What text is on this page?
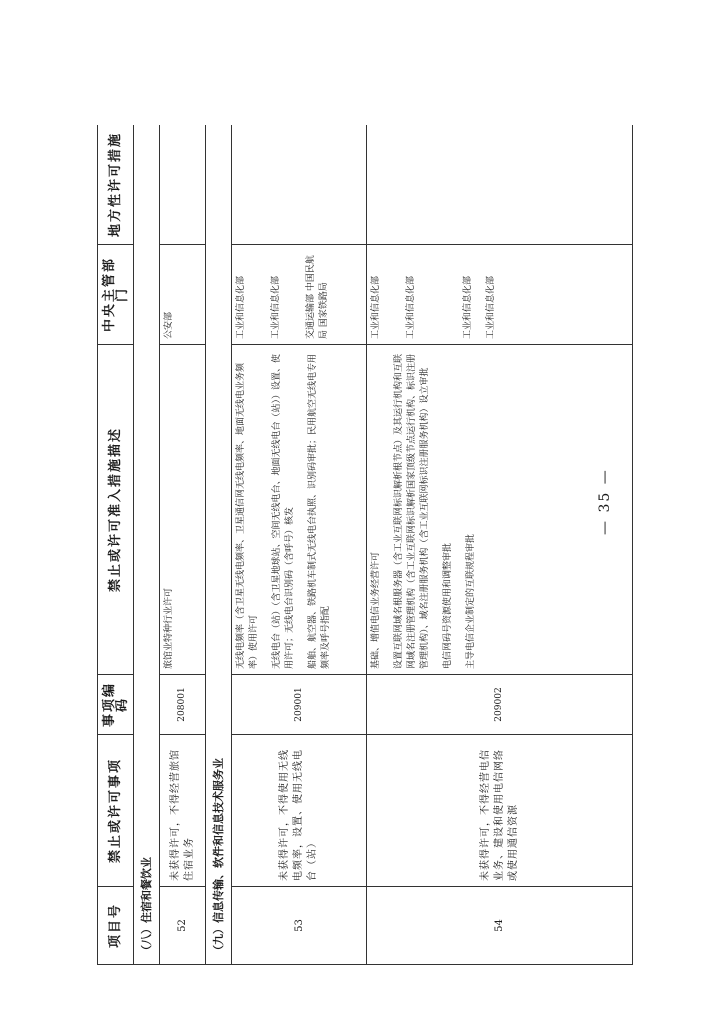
项目号	禁止或许可事项	事项编码	禁止或许可准入措施描述	中央主管部门	地方性许可措施
（八）住宿和餐饮业					
52	未获得许可，不得经营旅馆住宿业务	208001	旅馆业特种行业许可	公安部	

（九）信息传输、软件和信息技术服务业					
53	未获得许可，不得使用无线电频率，设置、使用无线电台（站）	209001	无线电频率（含卫星无线电频率、卫星通信网无线电频率、地面无线电业务频率）使用许可 无线电台（站）（含卫星地球站、空间无线电台、地面无线电台（站））设置、使用许可；无线电台识别码（含呼号）核发 船舶、航空器、铁路机车制式无线电台执照、识别码审批；民用航空无线电专用频率及呼号指配	工业和信息化部 工业和信息化部 交通运输部 中国民航局 国家铁路局	

54	未获得许可，不得经营电信业务、建设和使用电信网络或使用通信资源	209002	基础、增值电信业务经营许可 设置互联网域名根服务器（含工业互联网标识解析根节点）及其运行机构和互联网域名注册管理机构（含工业互联网标识解析国家顶级节点运行机构、标识注册管理机构）、域名注册服务机构（含工业互联网标识注册服务机构）设立审批 电信网码号资源使用和调整审批 主导电信企业制定的互联规程审批	工业和信息化部 工业和信息化部 工业和信息化部 工业和信息化部	

— 35 —
